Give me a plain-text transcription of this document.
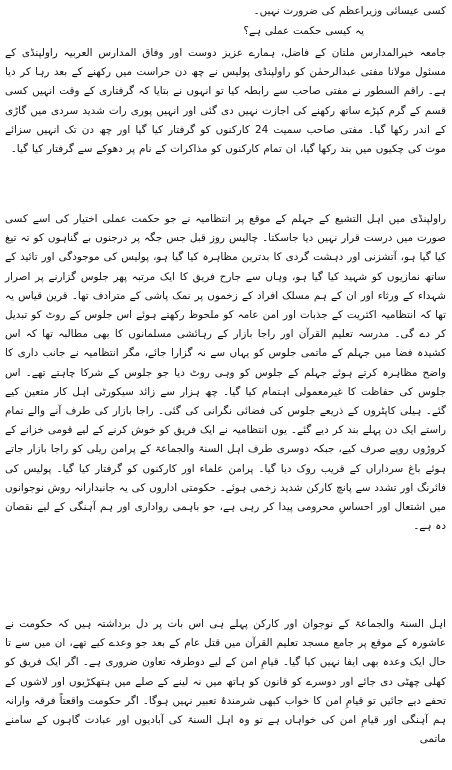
کسی عیسائی وزیراعظم کی ضرورت نہیں۔

یہ کیسی حکمت عملی ہے؟

جامعہ خیرالمدارس ملتان کے فاضل، ہمارے عزیز دوست اور وفاق المدارس العربیہ راولپنڈی کے مسئول مولانا مفتی عبدالرحمٰن کو راولپنڈی پولیس نے چھ دن حراست میں رکھنے کے بعد رہا کر دیا ہے۔ راقم السطور نے مفتی صاحب سے رابطہ کیا تو انہوں نے بتایا کہ گرفتاری کے وقت انہیں کسی قسم کے گرم کپڑے ساتھ رکھنے کی اجازت نہیں دی گئی اور انہیں پوری رات شدید سردی میں گاڑی کے اندر رکھا گیا۔ مفتی صاحب سمیت 24 کارکنوں کو گرفتار کیا گیا اور چھ دن تک انہیں سزائے موت کی چکیوں میں بند رکھا گیا، ان تمام کارکنوں کو مذاکرات کے نام پر دھوکے سے گرفتار کیا گیا۔

راولپنڈی میں اہل التشیع کے جہلم کے موقع پر انتظامیہ نے جو حکمت عملی اختیار کی اسے کسی صورت میں درست قرار نہیں دیا جاسکتا۔ چالیس روز قبل جس جگہ پر درجنوں بے گناہوں کو تہ تیغ کیا گیا ہو، آتشزنی اور دہشت گردی کا بدترین مظاہرہ کیا گیا ہو، پولیس کی موجودگی اور تائید کے ساتھ نمازیوں کو شہید کیا گیا ہو، وہاں سے جارح فریق کا ایک مرتبہ پھر جلوس گزارنے پر اصرار شہداء کے ورثاء اور ان کے ہم مسلک افراد کے زخموں پر نمک پاشی کے مترادف تھا۔ قرین قیاس یہ تھا کہ انتظامیہ اکثریت کے جذبات اور امن عامہ کو ملحوظ رکھتے ہوئے اس جلوس کے روٹ کو تبدیل کر دے گی۔ مدرسہ تعلیم القرآن اور راجا بازار کے رہائشی مسلمانوں کا بھی مطالبہ تھا کہ اس کشیدہ فضا میں جہلم کے ماتمی جلوس کو یہاں سے نہ گزارا جائے، مگر انتظامیہ نے جانب داری کا واضح مظاہرہ کرتے ہوئے جہلم کے جلوس کو وہی روٹ دیا جو جلوس کے شرکا چاہتے تھے۔ اس جلوس کی حفاظت کا غیرمعمولی اہتمام کیا گیا۔ چھ ہزار سے زائد سیکورٹی اہل کار متعین کیے گئے۔ ہیلی کاپٹروں کے ذریعے جلوس کی فضائی نگرانی کی گئی۔ راجا بازار کی طرف آنے والے تمام راستے ایک دن پہلے بند کر دیے گئے۔ یوں انتظامیہ نے ایک فریق کو خوش کرنے کے لیے قومی خزانے کے کروڑوں روپے صرف کیے، جبکہ دوسری طرف اہل السنۃ والجماعۃ کے پرامن ریلی کو راجا بازار جاتے ہوئے باغ سرداراں کے قریب روک دیا گیا۔ پرامن علماء اور کارکنوں کو گرفتار کیا گیا۔ پولیس کی فائرنگ اور تشدد سے پانچ کارکن شدید زخمی ہوئے۔ حکومتی اداروں کی یہ جانبدارانہ روش نوجوانوں میں اشتعال اور احساسِ محرومی پیدا کر رہی ہے، جو باہمی رواداری اور ہم آہنگی کے لیے نقصان دہ ہے۔

اہل السنۃ والجماعۃ کے نوجوان اور کارکن پہلے ہی اس بات پر دل برداشتہ ہیں کہ حکومت نے عاشورہ کے موقع پر جامع مسجد تعلیم القرآن میں قتل عام کے بعد جو وعدے کیے تھے، ان میں سے تا حال ایک وعدہ بھی ایفا نہیں کیا گیا۔ قیامِ امن کے لیے دوطرفہ تعاون ضروری ہے۔ اگر ایک فریق کو کھلی چھٹی دی جائے اور دوسرے کو قانون کو ہاتھ میں نہ لینے کے صلے میں ہتھکڑیوں اور لاشوں کے تحفے دیے جائیں تو قیامِ امن کا خواب کبھی شرمندۂ تعبیر نہیں ہوگا۔ اگر حکومت واقعتاً فرقہ وارانہ ہم آہنگی اور قیامِ امن کی خواہاں ہے تو وہ اہل السنۃ کی آبادیوں اور عبادت گاہوں کے سامنے ماتمی
